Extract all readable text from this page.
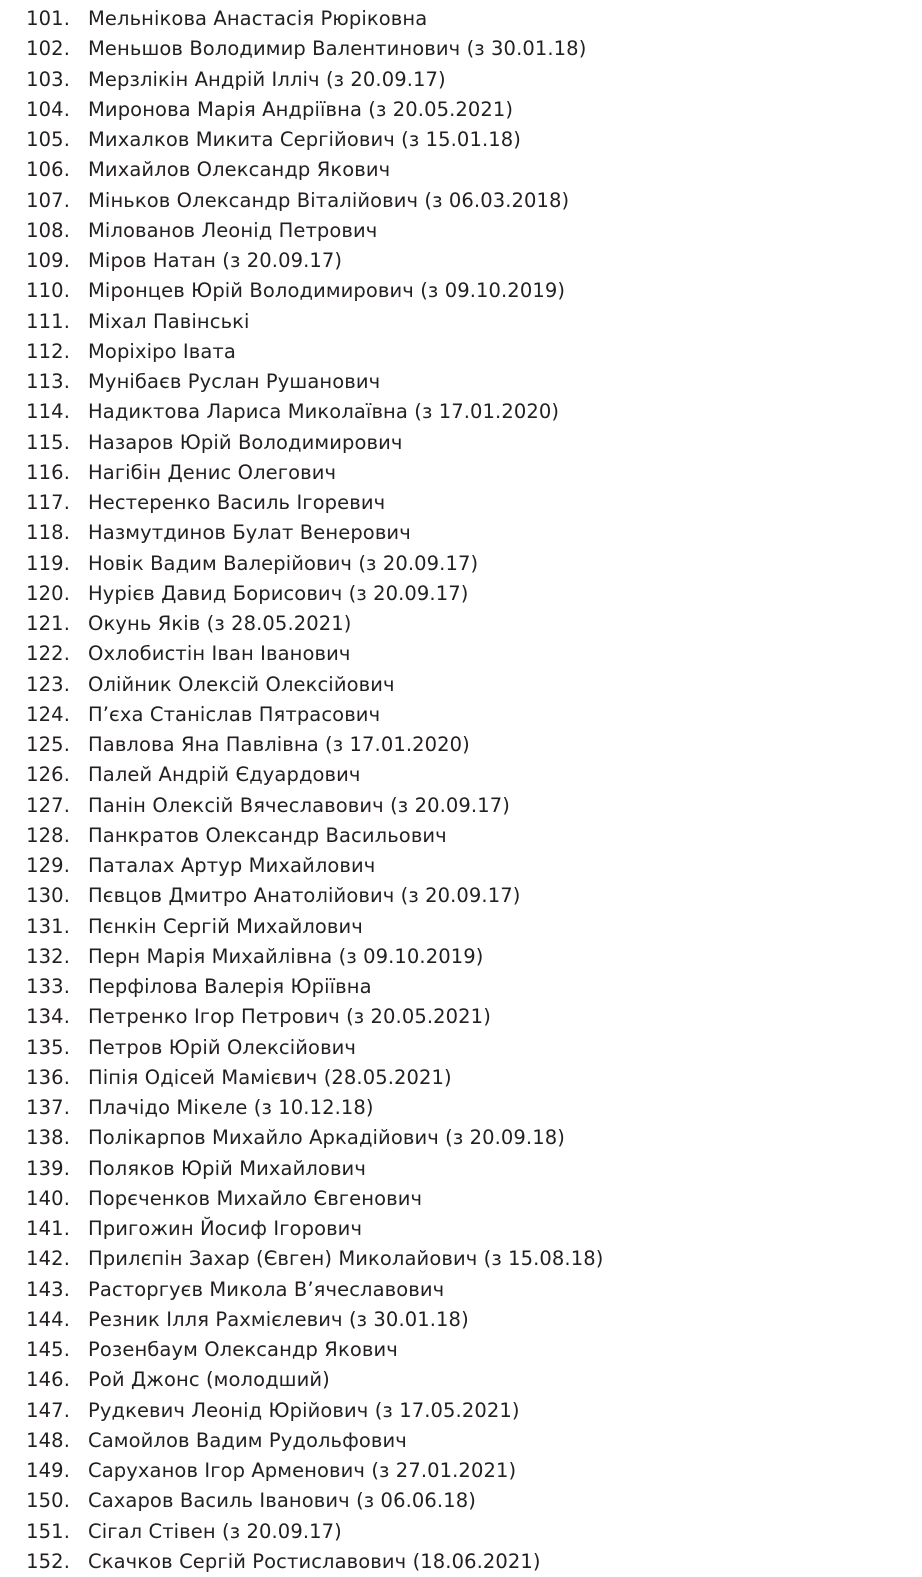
101. Мельнікова Анастасія Рюріковна
102. Меньшов Володимир Валентинович (з 30.01.18)
103. Мерзлікін Андрій Ілліч (з 20.09.17)
104. Миронова Марія Андріївна (з 20.05.2021)
105. Михалков Микита Сергійович (з 15.01.18)
106. Михайлов Олександр Якович
107. Міньков Олександр Віталійович (з 06.03.2018)
108. Мілованов Леонід Петрович
109. Міров Натан (з 20.09.17)
110. Міронцев Юрій Володимирович (з 09.10.2019)
111. Міхал Павінські
112. Моріхіро Івата
113. Мунібаєв Руслан Рушанович
114. Надиктова Лариса Миколаївна (з 17.01.2020)
115. Назаров Юрій Володимирович
116. Нагібін Денис Олегович
117. Нестеренко Василь Ігоревич
118. Назмутдинов Булат Венерович
119. Новік Вадим Валерійович (з 20.09.17)
120. Нурієв Давид Борисович (з 20.09.17)
121. Окунь Яків (з 28.05.2021)
122. Охлобистін Іван Іванович
123. Олійник Олексій Олексійович
124. П’єха Станіслав Пятрасович
125. Павлова Яна Павлівна (з 17.01.2020)
126. Палей Андрій Єдуардович
127. Панін Олексій Вячеславович (з 20.09.17)
128. Панкратов Олександр Васильович
129. Паталах Артур Михайлович
130. Пєвцов Дмитро Анатолійович (з 20.09.17)
131. Пєнкін Сергій Михайлович
132. Перн Марія Михайлівна (з 09.10.2019)
133. Перфілова Валерія Юріївна
134. Петренко Ігор Петрович (з 20.05.2021)
135. Петров Юрій Олексійович
136. Піпія Одісей Мамієвич (28.05.2021)
137. Плачідо Мікеле (з 10.12.18)
138. Полікарпов Михайло Аркадійович (з 20.09.18)
139. Поляков Юрій Михайлович
140. Порєченков Михайло Євгенович
141. Пригожин Йосиф Ігорович
142. Прилєпін Захар (Євген) Миколайович (з 15.08.18)
143. Расторгуєв Микола В’ячеславович
144. Резник Ілля Рахмієлевич (з 30.01.18)
145. Розенбаум Олександр Якович
146. Рой Джонс (молодший)
147. Рудкевич Леонід Юрійович (з 17.05.2021)
148. Самойлов Вадим Рудольфович
149. Саруханов Ігор Арменович (з 27.01.2021)
150. Сахаров Василь Іванович (з 06.06.18)
151. Сігал Стівен (з 20.09.17)
152. Скачков Сергій Ростиславович (18.06.2021)
